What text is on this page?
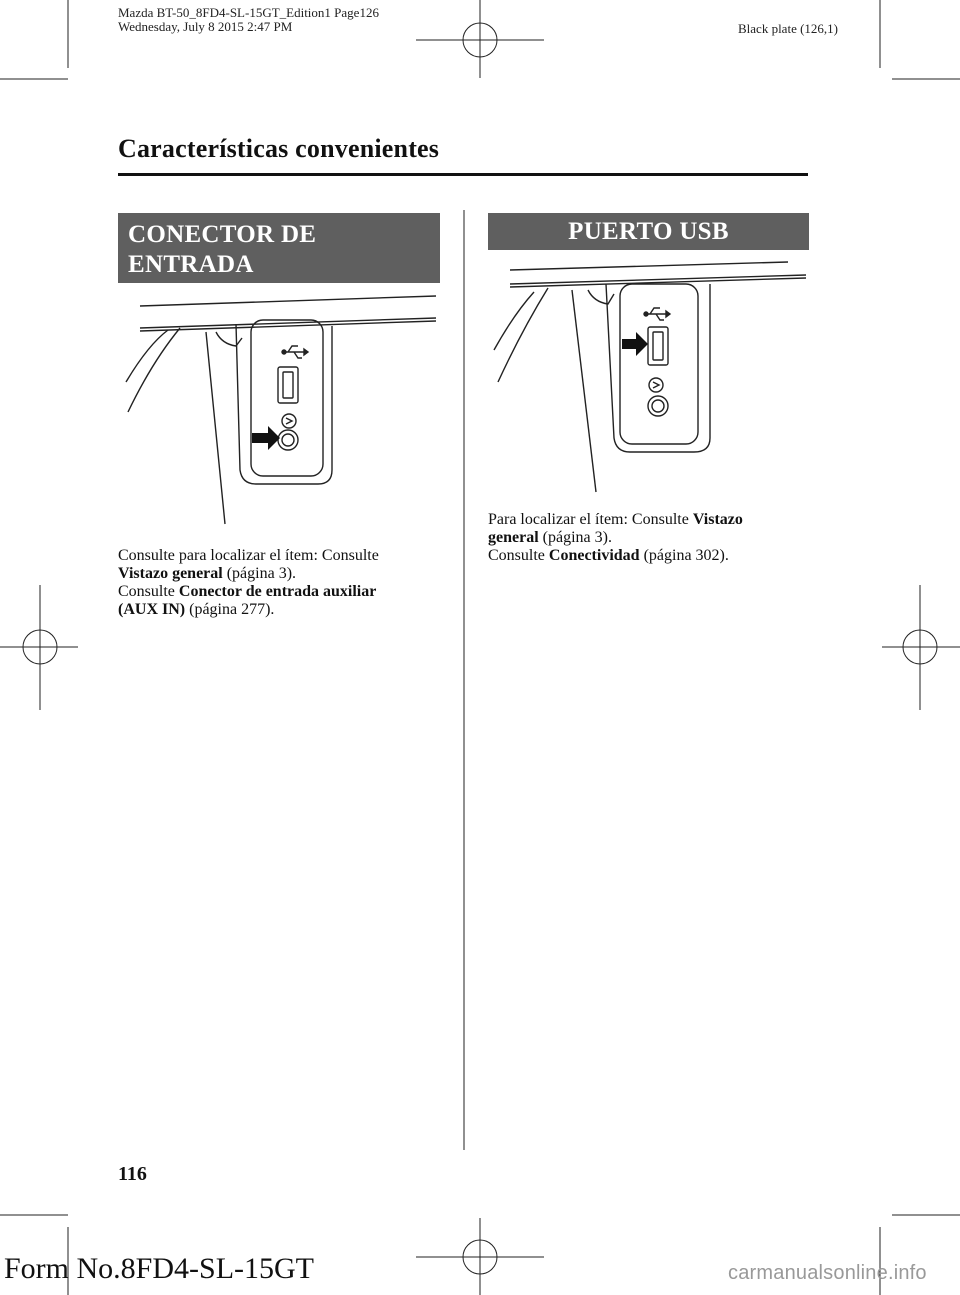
Mazda BT-50_8FD4-SL-15GT_Edition1 Page126
Wednesday, July 8 2015 2:47 PM	Black plate (126,1)
Características convenientes
CONECTOR DE ENTRADA
AUXILIAR (AUX IN)
Consulte para localizar el ítem: Consulte
Vistazo general (página 3).
Consulte Conector de entrada auxiliar
(AUX IN) (página 277).
PUERTO USB
Para localizar el ítem: Consulte Vistazo
general (página 3).
Consulte Conectividad (página 302).
116
Form No.8FD4-SL-15GT	carmanualsonline.info
